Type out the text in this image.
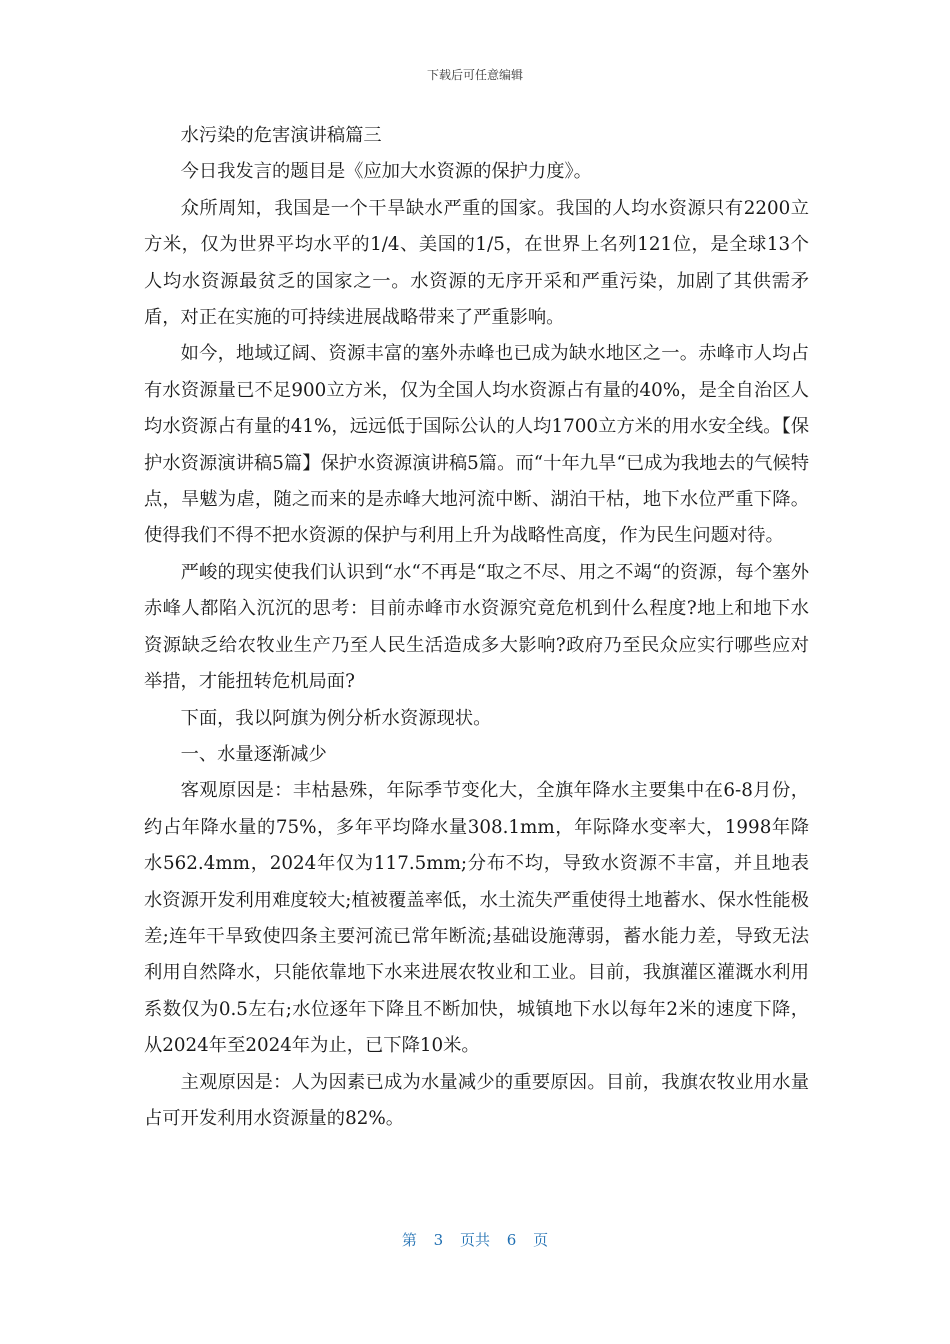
下载后可任意编辑

水污染的危害演讲稿篇三

今日我发言的题目是《应加大水资源的保护力度》。

众所周知，我国是一个干旱缺水严重的国家。我国的人均水资源只有2200立方米，仅为世界平均水平的1/4、美国的1/5，在世界上名列121位，是全球13个人均水资源最贫乏的国家之一。水资源的无序开采和严重污染，加剧了其供需矛盾，对正在实施的可持续进展战略带来了严重影响。

如今，地域辽阔、资源丰富的塞外赤峰也已成为缺水地区之一。赤峰市人均占有水资源量已不足900立方米，仅为全国人均水资源占有量的40%，是全自治区人均水资源占有量的41%，远远低于国际公认的人均1700立方米的用水安全线。【保护水资源演讲稿5篇】保护水资源演讲稿5篇。而“十年九旱“已成为我地去的气候特点，旱魃为虐，随之而来的是赤峰大地河流中断、湖泊干枯，地下水位严重下降。使得我们不得不把水资源的保护与利用上升为战略性高度，作为民生问题对待。

严峻的现实使我们认识到“水“不再是“取之不尽、用之不竭“的资源，每个塞外赤峰人都陷入沉沉的思考：目前赤峰市水资源究竟危机到什么程度?地上和地下水资源缺乏给农牧业生产乃至人民生活造成多大影响?政府乃至民众应实行哪些应对举措，才能扭转危机局面?

下面，我以阿旗为例分析水资源现状。

一、水量逐渐减少

客观原因是：丰枯悬殊，年际季节变化大，全旗年降水主要集中在6-8月份，约占年降水量的75%，多年平均降水量308.1mm，年际降水变率大，1998年降水562.4mm，2024年仅为117.5mm;分布不均，导致水资源不丰富，并且地表水资源开发利用难度较大;植被覆盖率低，水土流失严重使得土地蓄水、保水性能极差;连年干旱致使四条主要河流已常年断流;基础设施薄弱，蓄水能力差，导致无法利用自然降水，只能依靠地下水来进展农牧业和工业。目前，我旗灌区灌溉水利用系数仅为0.5左右;水位逐年下降且不断加快，城镇地下水以每年2米的速度下降，从2024年至2024年为止，已下降10米。

主观原因是：人为因素已成为水量减少的重要原因。目前，我旗农牧业用水量占可开发利用水资源量的82%。

第 3 页共 6 页
